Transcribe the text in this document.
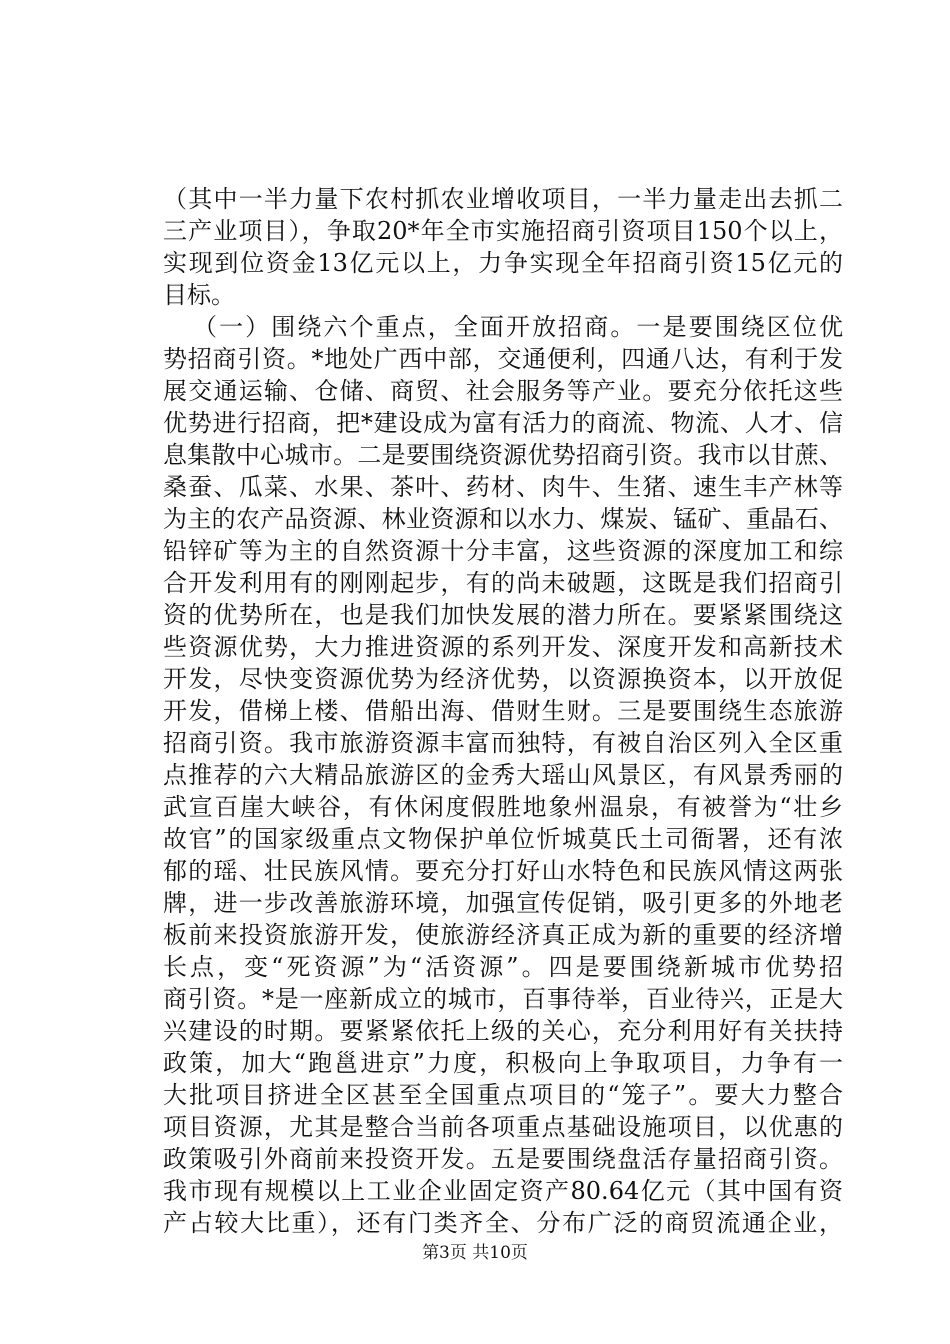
（其中一半力量下农村抓农业增收项目，一半力量走出去抓二
三产业项目），争取20*年全市实施招商引资项目150个以上，
实现到位资金13亿元以上，力争实现全年招商引资15亿元的
目标。
（一）围绕六个重点，全面开放招商。一是要围绕区位优
势招商引资。*地处广西中部，交通便利，四通八达，有利于发
展交通运输、仓储、商贸、社会服务等产业。要充分依托这些
优势进行招商，把*建设成为富有活力的商流、物流、人才、信
息集散中心城市。二是要围绕资源优势招商引资。我市以甘蔗、
桑蚕、瓜菜、水果、茶叶、药材、肉牛、生猪、速生丰产林等
为主的农产品资源、林业资源和以水力、煤炭、锰矿、重晶石、
铅锌矿等为主的自然资源十分丰富，这些资源的深度加工和综
合开发利用有的刚刚起步，有的尚未破题，这既是我们招商引
资的优势所在，也是我们加快发展的潜力所在。要紧紧围绕这
些资源优势，大力推进资源的系列开发、深度开发和高新技术
开发，尽快变资源优势为经济优势，以资源换资本，以开放促
开发，借梯上楼、借船出海、借财生财。三是要围绕生态旅游
招商引资。我市旅游资源丰富而独特，有被自治区列入全区重
点推荐的六大精品旅游区的金秀大瑶山风景区，有风景秀丽的
武宣百崖大峡谷，有休闲度假胜地象州温泉，有被誉为“壮乡
故官”的国家级重点文物保护单位忻城莫氏土司衙署，还有浓
郁的瑶、壮民族风情。要充分打好山水特色和民族风情这两张
牌，进一步改善旅游环境，加强宣传促销，吸引更多的外地老
板前来投资旅游开发，使旅游经济真正成为新的重要的经济增
长点，变“死资源”为“活资源”。四是要围绕新城市优势招
商引资。*是一座新成立的城市，百事待举，百业待兴，正是大
兴建设的时期。要紧紧依托上级的关心，充分利用好有关扶持
政策，加大“跑邕进京”力度，积极向上争取项目，力争有一
大批项目挤进全区甚至全国重点项目的“笼子”。要大力整合
项目资源，尤其是整合当前各项重点基础设施项目，以优惠的
政策吸引外商前来投资开发。五是要围绕盘活存量招商引资。
我市现有规模以上工业企业固定资产80.64亿元（其中国有资
产占较大比重），还有门类齐全、分布广泛的商贸流通企业，
第3页 共10页
